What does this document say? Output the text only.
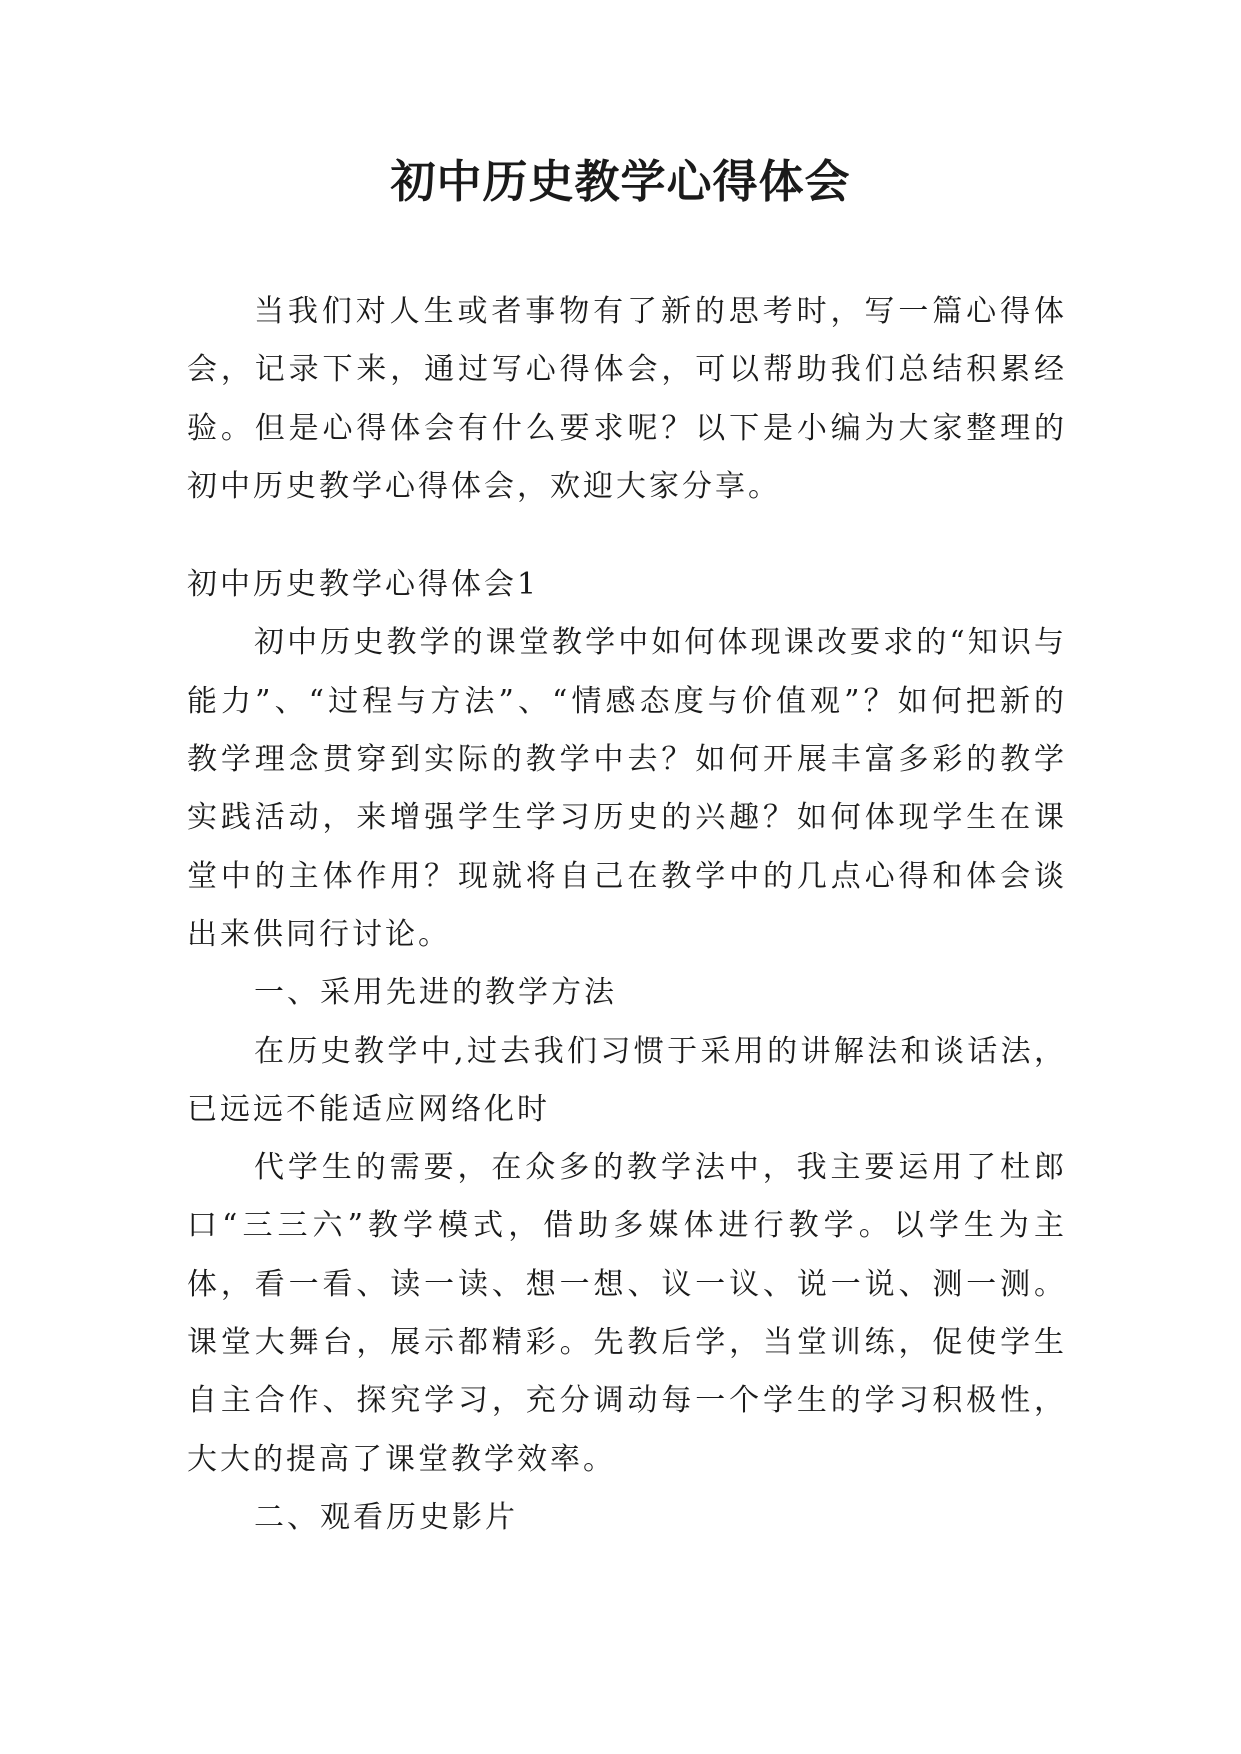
初中历史教学心得体会

当我们对人生或者事物有了新的思考时，写一篇心得体会，记录下来，通过写心得体会，可以帮助我们总结积累经验。但是心得体会有什么要求呢？以下是小编为大家整理的初中历史教学心得体会，欢迎大家分享。

初中历史教学心得体会1

初中历史教学的课堂教学中如何体现课改要求的“知识与能力”、“过程与方法”、“情感态度与价值观”？如何把新的教学理念贯穿到实际的教学中去？如何开展丰富多彩的教学实践活动，来增强学生学习历史的兴趣？如何体现学生在课堂中的主体作用？现就将自己在教学中的几点心得和体会谈出来供同行讨论。

一、采用先进的教学方法

在历史教学中,过去我们习惯于采用的讲解法和谈话法，已远远不能适应网络化时

代学生的需要，在众多的教学法中，我主要运用了杜郎口“三三六”教学模式，借助多媒体进行教学。以学生为主体，看一看、读一读、想一想、议一议、说一说、测一测。课堂大舞台，展示都精彩。先教后学，当堂训练，促使学生自主合作、探究学习，充分调动每一个学生的学习积极性，大大的提高了课堂教学效率。

二、观看历史影片
